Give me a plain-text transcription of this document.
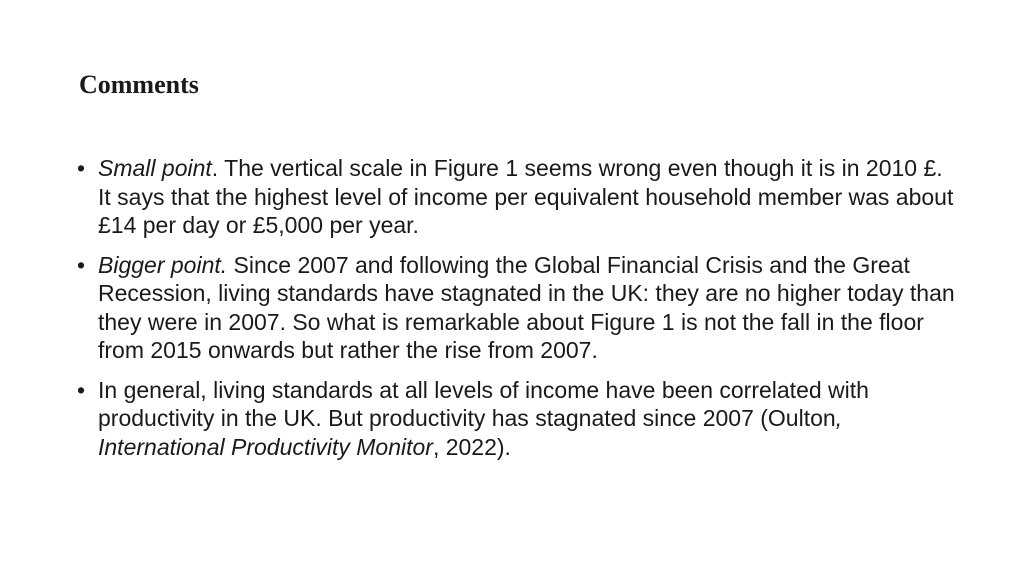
Comments
• Small point. The vertical scale in Figure 1 seems wrong even though it is in 2010 £. It says that the highest level of income per equivalent household member was about £14 per day or £5,000 per year.
• Bigger point. Since 2007 and following the Global Financial Crisis and the Great Recession, living standards have stagnated in the UK: they are no higher today than they were in 2007. So what is remarkable about Figure 1 is not the fall in the floor from 2015 onwards but rather the rise from 2007.
• In general, living standards at all levels of income have been correlated with productivity in the UK. But productivity has stagnated since 2007 (Oulton, International Productivity Monitor, 2022).
